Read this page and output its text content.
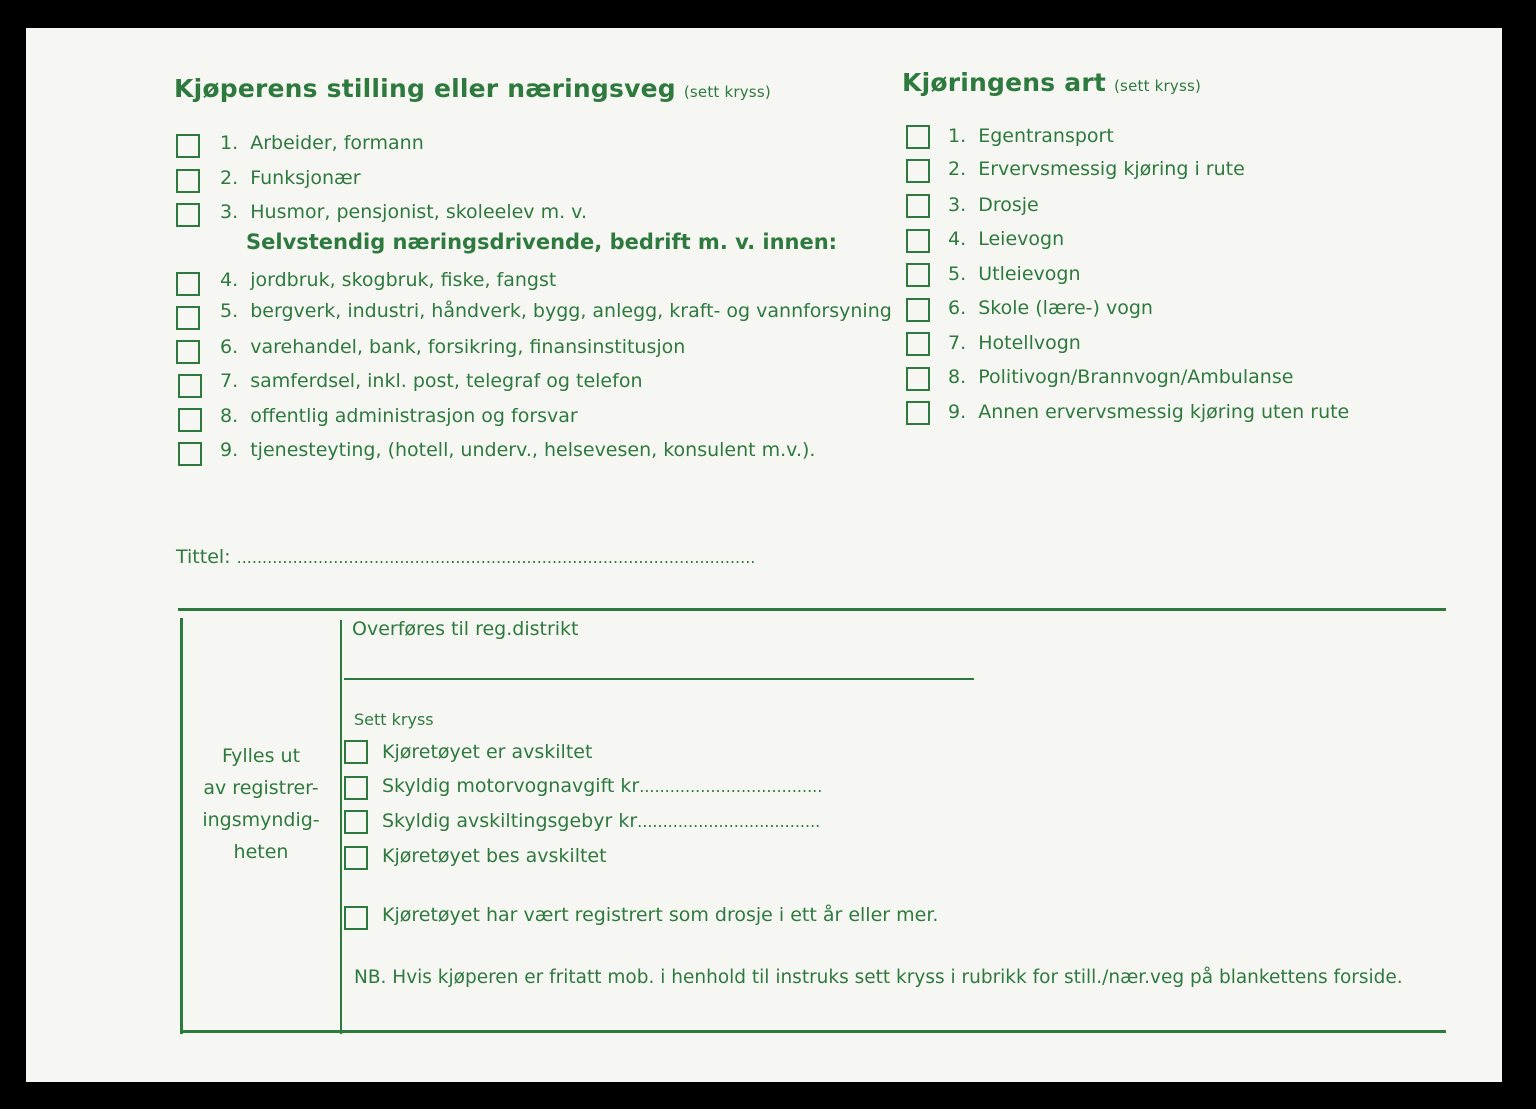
Kjøperens stilling eller næringsveg (sett kryss)
1. Arbeider, formann
2. Funksjonær
3. Husmor, pensjonist, skoleelev m. v.
Selvstendig næringsdrivende, bedrift m. v. innen:
4. jordbruk, skogbruk, fiske, fangst
5. bergverk, industri, håndverk, bygg, anlegg, kraft- og vannforsyning
6. varehandel, bank, forsikring, finansinstitusjon
7. samferdsel, inkl. post, telegraf og telefon
8. offentlig administrasjon og forsvar
9. tjenesteyting, (hotell, underv., helsevesen, konsulent m.v.).
Kjøringens art (sett kryss)
1. Egentransport
2. Ervervsmessig kjøring i rute
3. Drosje
4. Leievogn
5. Utleievogn
6. Skole (lære-) vogn
7. Hotellvogn
8. Politivogn/Brannvogn/Ambulanse
9. Annen ervervsmessig kjøring uten rute
Tittel: ......................................................................................................
Fylles ut
av registrer-
ingsmyndig-
heten
Overføres til reg.distrikt
Sett kryss
Kjøretøyet er avskiltet
Skyldig motorvognavgift kr....................................
Skyldig avskiltingsgebyr kr....................................
Kjøretøyet bes avskiltet
Kjøretøyet har vært registrert som drosje i ett år eller mer.
NB. Hvis kjøperen er fritatt mob. i henhold til instruks sett kryss i rubrikk for still./nær.veg på blankettens forside.
